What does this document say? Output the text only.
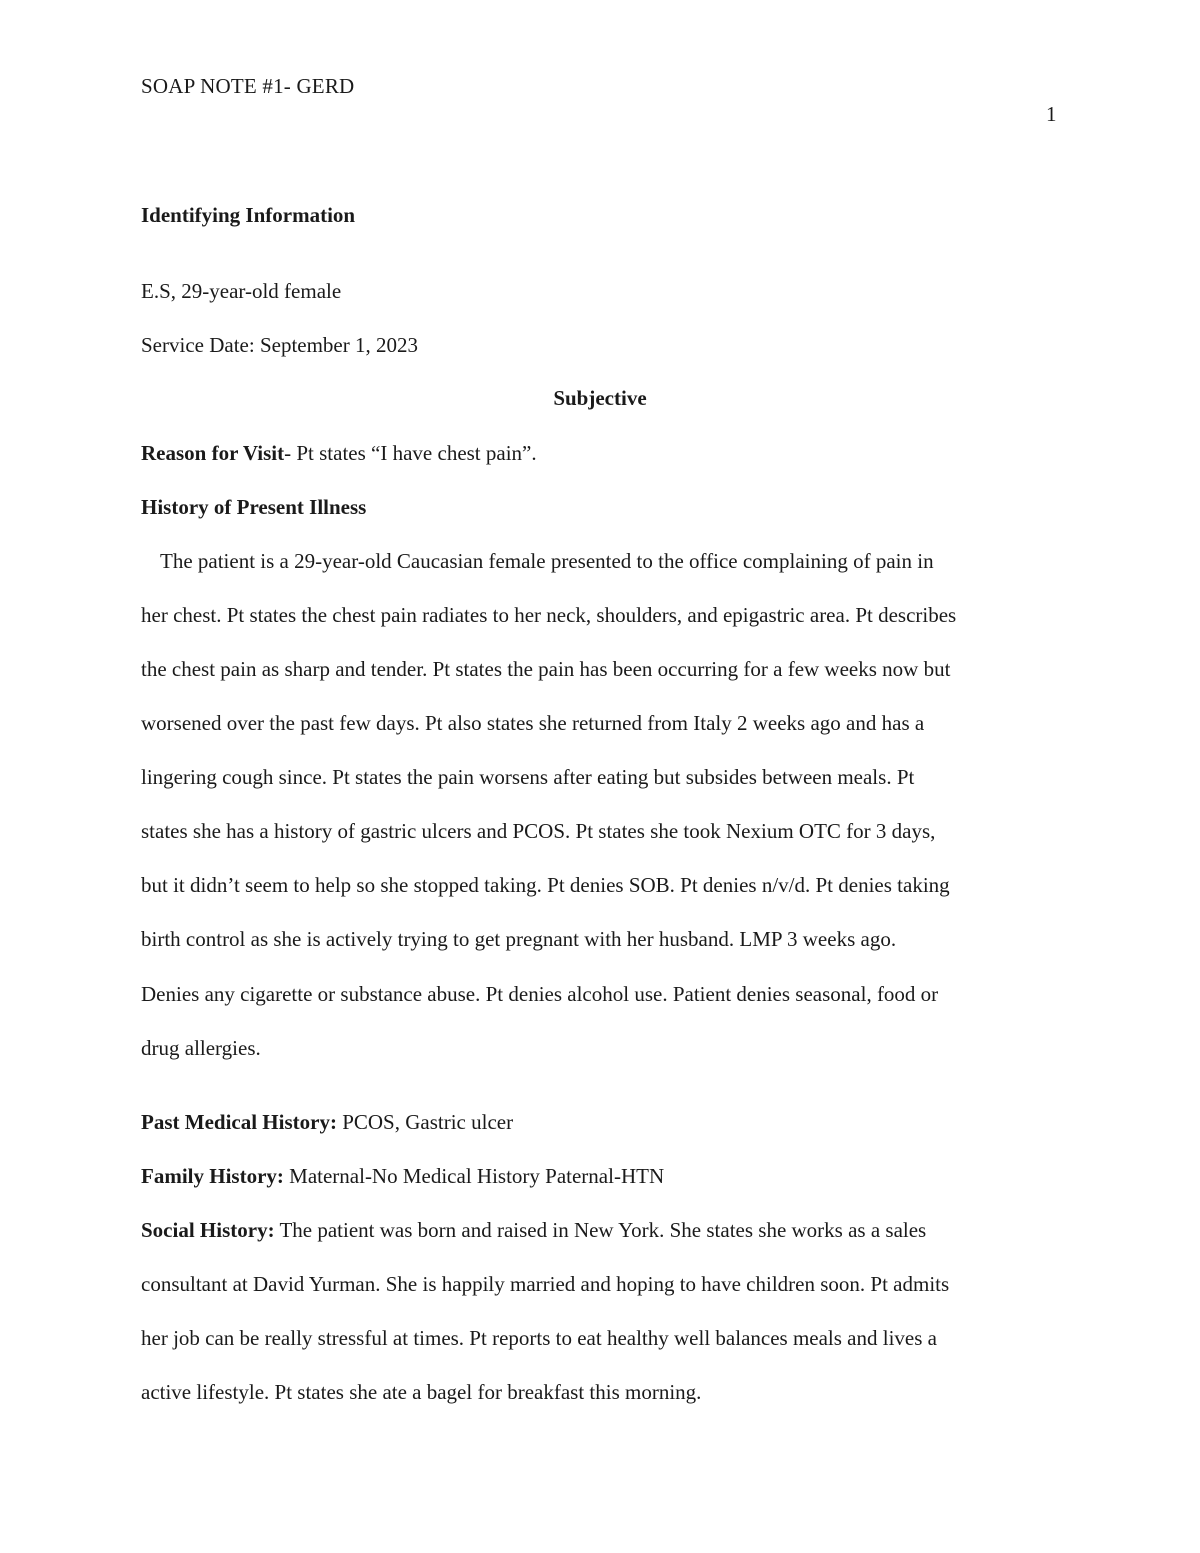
SOAP NOTE #1- GERD
1
Identifying Information
E.S, 29-year-old female
Service Date: September 1, 2023
Subjective
Reason for Visit- Pt states “I have chest pain”.
History of Present Illness
The patient is a 29-year-old Caucasian female presented to the office complaining of pain in
her chest. Pt states the chest pain radiates to her neck, shoulders, and epigastric area. Pt describes
the chest pain as sharp and tender. Pt states the pain has been occurring for a few weeks now but
worsened over the past few days. Pt also states she returned from Italy 2 weeks ago and has a
lingering cough since. Pt states the pain worsens after eating but subsides between meals. Pt
states she has a history of gastric ulcers and PCOS. Pt states she took Nexium OTC for 3 days,
but it didn’t seem to help so she stopped taking. Pt denies SOB. Pt denies n/v/d. Pt denies taking
birth control as she is actively trying to get pregnant with her husband. LMP 3 weeks ago.
Denies any cigarette or substance abuse. Pt denies alcohol use. Patient denies seasonal, food or
drug allergies.
Past Medical History: PCOS, Gastric ulcer
Family History: Maternal-No Medical History Paternal-HTN
Social History: The patient was born and raised in New York. She states she works as a sales
consultant at David Yurman. She is happily married and hoping to have children soon. Pt admits
her job can be really stressful at times. Pt reports to eat healthy well balances meals and lives a
active lifestyle. Pt states she ate a bagel for breakfast this morning.
